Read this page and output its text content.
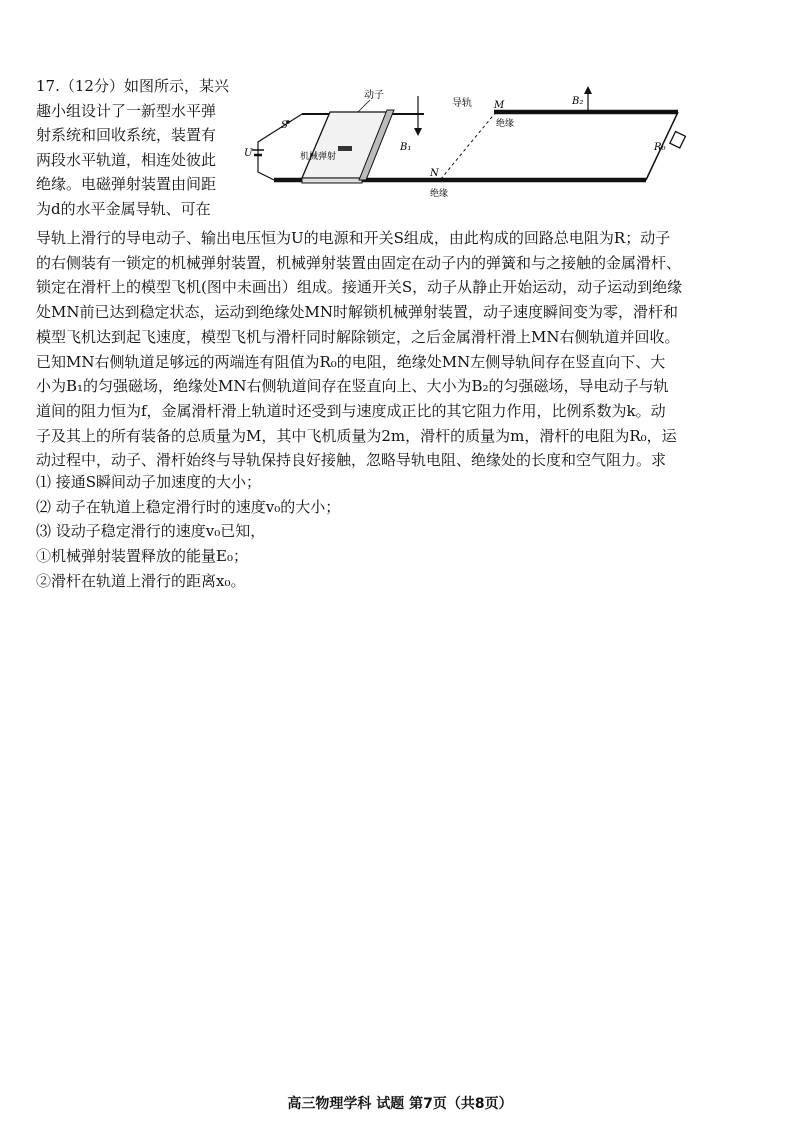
17.（12分）如图所示，某兴
趣小组设计了一新型水平弹
射系统和回收系统，装置有
两段水平轨道，相连处彼此
绝缘。电磁弹射装置由间距
为d的水平金属导轨、可在
动子
导轨 M
绝缘
B₂
S
U	机械弹射
B₁
N
绝缘
R₀
导轨上滑行的导电动子、输出电压恒为U的电源和开关S组成，由此构成的回路总电阻为R；动子
的右侧装有一锁定的机械弹射装置，机械弹射装置由固定在动子内的弹簧和与之接触的金属滑杆、
锁定在滑杆上的模型飞机(图中未画出）组成。接通开关S，动子从静止开始运动，动子运动到绝缘
处MN前已达到稳定状态，运动到绝缘处MN时解锁机械弹射装置，动子速度瞬间变为零，滑杆和
模型飞机达到起飞速度，模型飞机与滑杆同时解除锁定，之后金属滑杆滑上MN右侧轨道并回收。
已知MN右侧轨道足够远的两端连有阻值为R₀的电阻，绝缘处MN左侧导轨间存在竖直向下、大
小为B₁的匀强磁场，绝缘处MN右侧轨道间存在竖直向上、大小为B₂的匀强磁场，导电动子与轨
道间的阻力恒为f，金属滑杆滑上轨道时还受到与速度成正比的其它阻力作用，比例系数为k。动
子及其上的所有装备的总质量为M，其中飞机质量为2m，滑杆的质量为m，滑杆的电阻为R₀，运
动过程中，动子、滑杆始终与导轨保持良好接触，忽略导轨电阻、绝缘处的长度和空气阻力。求
⑴ 接通S瞬间动子加速度的大小；
⑵ 动子在轨道上稳定滑行时的速度v₀的大小；
⑶ 设动子稳定滑行的速度v₀已知，
①机械弹射装置释放的能量E₀；
②滑杆在轨道上滑行的距离x₀。
高三物理学科 试题 第7页（共8页）
